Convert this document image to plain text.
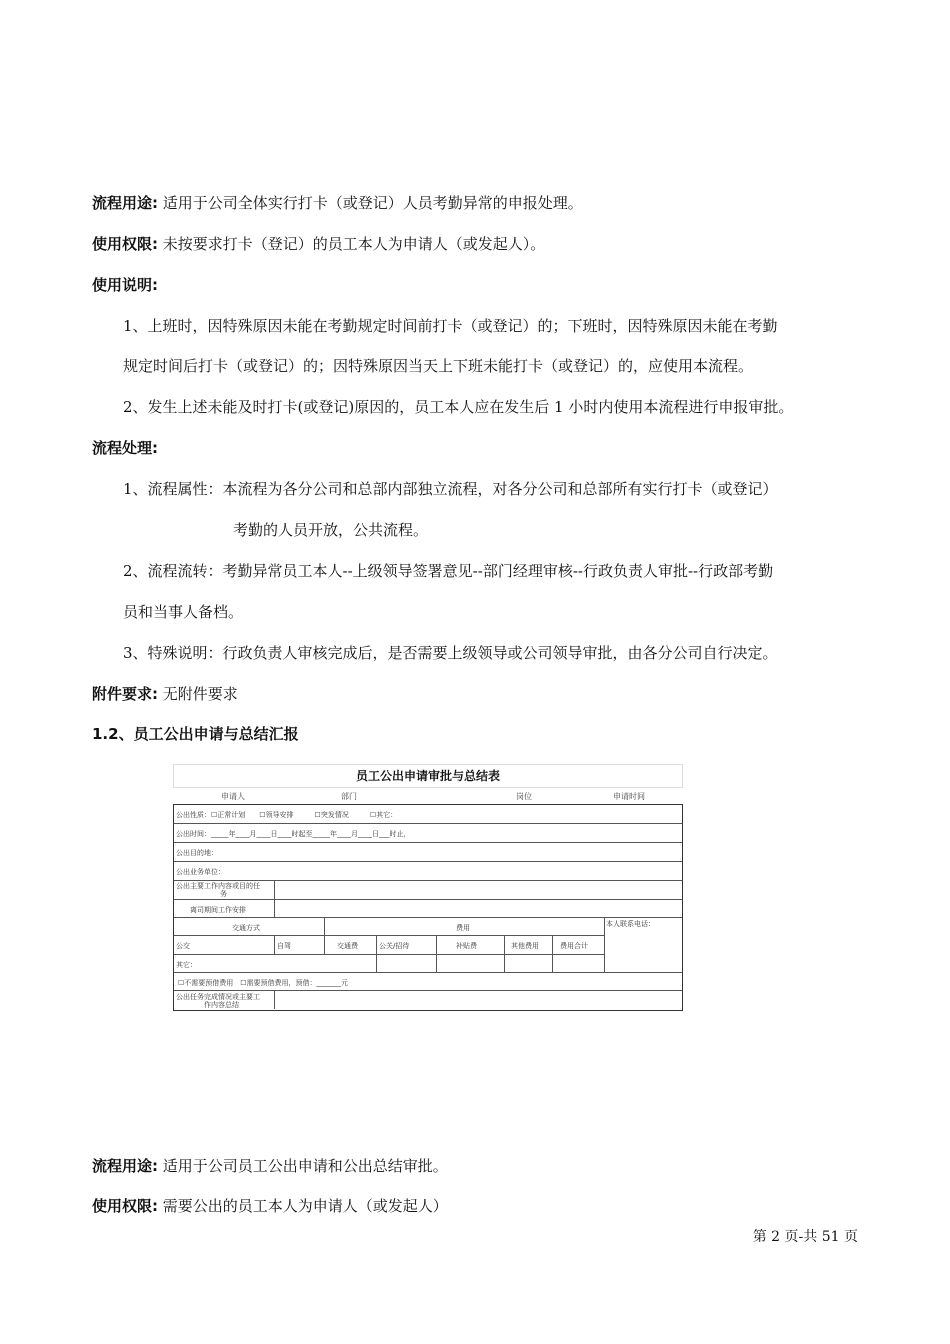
流程用途: 适用于公司全体实行打卡（或登记）人员考勤异常的申报处理。
使用权限: 未按要求打卡（登记）的员工本人为申请人（或发起人）。
使用说明:
1、上班时，因特殊原因未能在考勤规定时间前打卡（或登记）的；下班时，因特殊原因未能在考勤
规定时间后打卡（或登记）的；因特殊原因当天上下班未能打卡（或登记）的，应使用本流程。
2、发生上述未能及时打卡(或登记)原因的，员工本人应在发生后 1 小时内使用本流程进行申报审批。
流程处理:
1、流程属性：本流程为各分公司和总部内部独立流程，对各分公司和总部所有实行打卡（或登记）
考勤的人员开放，公共流程。
2、流程流转：考勤异常员工本人--上级领导签署意见--部门经理审核--行政负责人审批--行政部考勤
员和当事人备档。
3、特殊说明：行政负责人审核完成后，是否需要上级领导或公司领导审批，由各分公司自行决定。
附件要求: 无附件要求
1.2、员工公出申请与总结汇报
员工公出申请审批与总结表
申请人	部门	岗位	申请时间
公出性质：☐正常计划　　☐领导安排　　　☐突发情况　　　☐其它：
公出时间：_____年____月____日____时起至_____年____月____日___时止，
公出目的地：
公出业务单位：
公出主要工作内容或目的任
务
离司期间工作安排
交通方式	费用	本人联系电话：
公交	自驾	交通费	公关/招待	补贴费	其他费用	费用合计
其它：
☐不需要预借费用　☐需要预借费用，预借：_______元
公出任务完成情况或主要工
作内容总结
流程用途: 适用于公司员工公出申请和公出总结审批。
使用权限: 需要公出的员工本人为申请人（或发起人）
第 2 页-共 51 页
